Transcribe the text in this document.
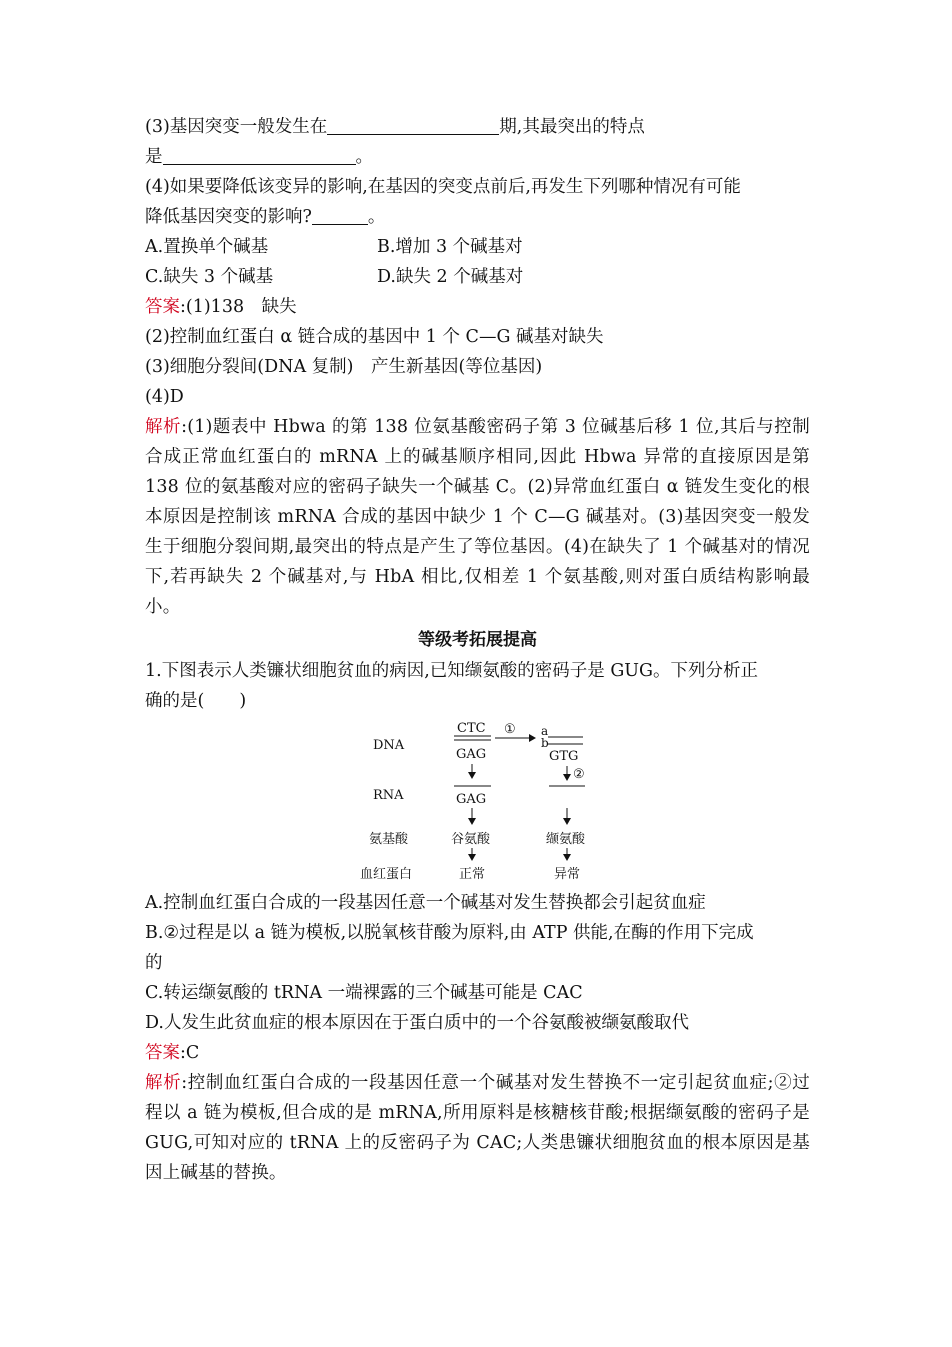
(3)基因突变一般发生在	期,其最突出的特点
是	。
(4)如果要降低该变异的影响,在基因的突变点前后,再发生下列哪种情况有可能
降低基因突变的影响?	。
A.置换单个碱基	B.增加 3 个碱基对
C.缺失 3 个碱基	D.缺失 2 个碱基对
答案:(1)138　缺失
(2)控制血红蛋白 α 链合成的基因中 1 个 C—G 碱基对缺失
(3)细胞分裂间(DNA 复制)　产生新基因(等位基因)
(4)D
解析:(1)题表中 Hbwa 的第 138 位氨基酸密码子第 3 位碱基后移 1 位,其后与控制合成正常血红蛋白的 mRNA 上的碱基顺序相同,因此 Hbwa 异常的直接原因是第 138 位的氨基酸对应的密码子缺失一个碱基 C。(2)异常血红蛋白 α 链发生变化的根本原因是控制该 mRNA 合成的基因中缺少 1 个 C—G 碱基对。(3)基因突变一般发生于细胞分裂间期,最突出的特点是产生了等位基因。(4)在缺失了 1 个碱基对的情况下,若再缺失 2 个碱基对,与 HbA 相比,仅相差 1 个氨基酸,则对蛋白质结构影响最小。
等级考拓展提高
1.下图表示人类镰状细胞贫血的病因,已知缬氨酸的密码子是 GUG。下列分析正
确的是(　　)
DNA
RNA
氨基酸
血红蛋白
CTC
GAG
① a
b
GTG
GAG
谷氨酸
正常
②
缬氨酸
异常
A.控制血红蛋白合成的一段基因任意一个碱基对发生替换都会引起贫血症
B.②过程是以 a 链为模板,以脱氧核苷酸为原料,由 ATP 供能,在酶的作用下完成
的
C.转运缬氨酸的 tRNA 一端裸露的三个碱基可能是 CAC
D.人发生此贫血症的根本原因在于蛋白质中的一个谷氨酸被缬氨酸取代
答案:C
解析:控制血红蛋白合成的一段基因任意一个碱基对发生替换不一定引起贫血症;②过程以 a 链为模板,但合成的是 mRNA,所用原料是核糖核苷酸;根据缬氨酸的密码子是 GUG,可知对应的 tRNA 上的反密码子为 CAC;人类患镰状细胞贫血的根本原因是基因上碱基的替换。
